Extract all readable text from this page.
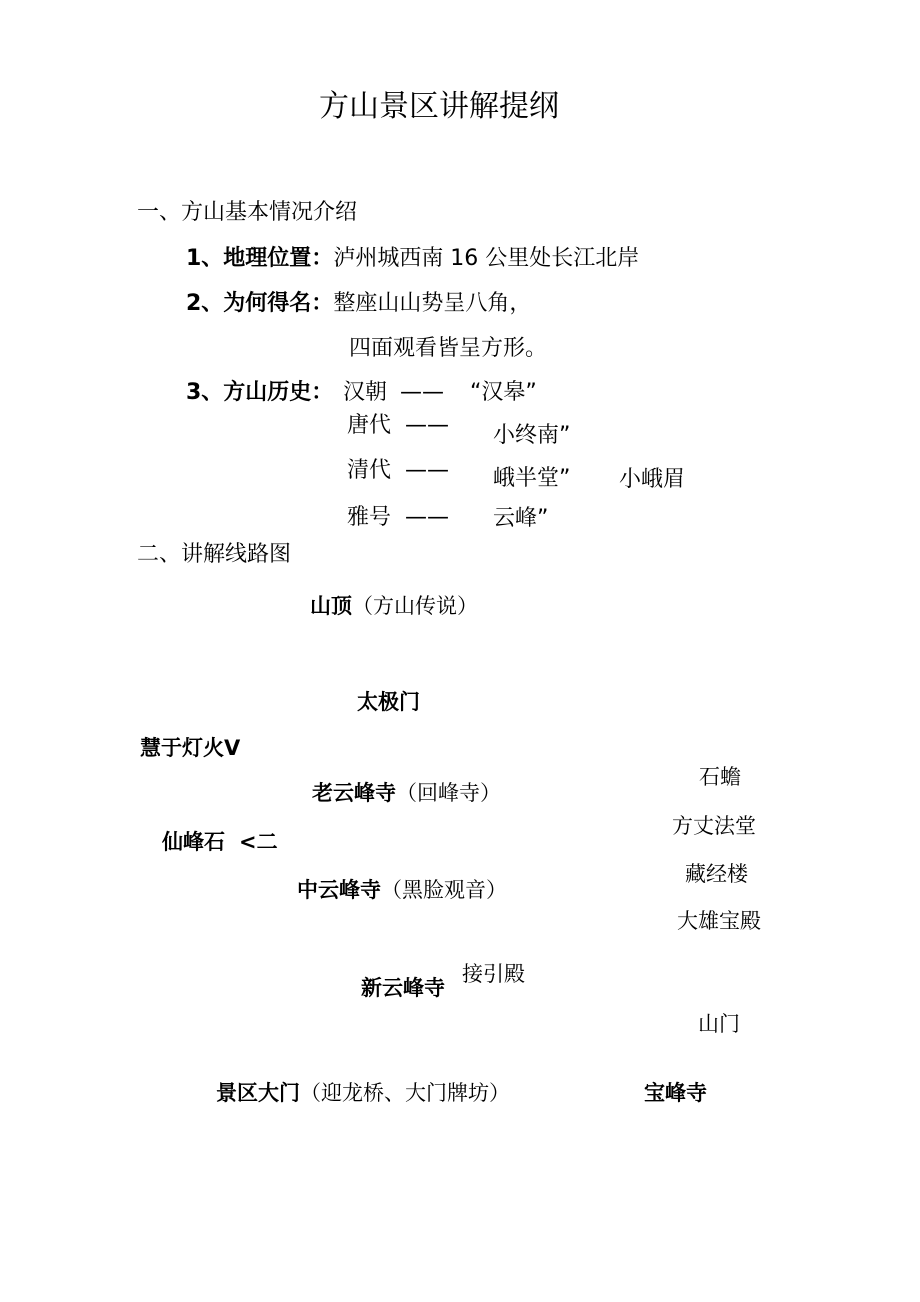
方山景区讲解提纲
一、方山基本情况介绍
1、地理位置：泸州城西南 16 公里处长江北岸
2、为何得名：整座山山势呈八角，
四面观看皆呈方形。
3、方山历史： 汉朝 —— “汉皋”
唐代 —— 小终南”
清代 —— 峨半堂” 小峨眉
雅号 —— 云峰”
二、讲解线路图
山顶（方山传说）
太极门
慧于灯火V
老云峰寺（回峰寺）
仙峰石 <二
中云峰寺（黑脸观音）
接引殿
新云峰寺
景区大门（迎龙桥、大门牌坊）	宝峰寺
石蟾
方丈法堂
藏经楼
大雄宝殿
山门
